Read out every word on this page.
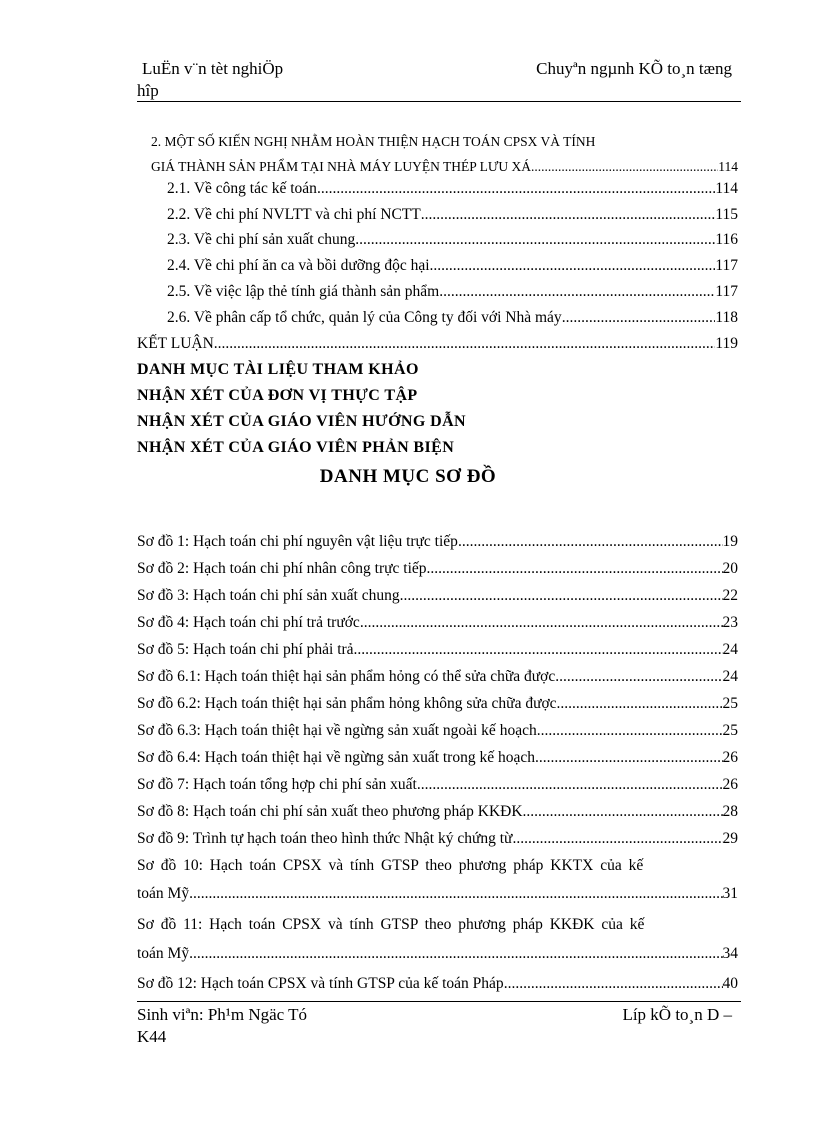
LuËn v¨n tèt nghiÖp
hîp
Chuyªn ngµnh KÕ to¸n tæng
2. MỘT SỐ KIẾN NGHỊ NHẰM HOÀN THIỆN HẠCH TOÁN CPSX VÀ TÍNH
GIÁ THÀNH SẢN PHẨM TẠI NHÀ MÁY LUYỆN THÉP LƯU XÁ .....	114
2.1. Về công tác kế toán .....	114
2.2. Về chi phí NVLTT và chi phí NCTT .....	115
2.3. Về chi phí sản xuất chung .....	116
2.4. Về chi phí ăn ca và bồi dưỡng độc hại .....	117
2.5. Về việc lập thẻ tính giá thành sản phẩm .....	117
2.6. Về phân cấp tổ chức, quản lý của Công ty đối với Nhà máy .....	118
KẾT LUẬN .....	119
DANH MỤC TÀI LIỆU THAM KHẢO
NHẬN XÉT CỦA ĐƠN VỊ THỰC TẬP
NHẬN XÉT CỦA GIÁO VIÊN HƯỚNG DẪN
NHẬN XÉT CỦA GIÁO VIÊN PHẢN BIỆN
DANH MỤC SƠ ĐỒ
Sơ đồ 1: Hạch toán chi phí nguyên vật liệu trực tiếp .....	19
Sơ đồ 2: Hạch toán chi phí nhân công trực tiếp .....	20
Sơ đồ 3: Hạch toán chi phí sản xuất chung .....	22
Sơ đồ 4: Hạch toán chi phí trả trước .....	23
Sơ đồ 5: Hạch toán chi phí phải trả .....	24
Sơ đồ 6.1: Hạch toán thiệt hại sản phẩm hỏng có thể sửa chữa được .....	24
Sơ đồ 6.2: Hạch toán thiệt hại sản phẩm hỏng không sửa chữa được .....	25
Sơ đồ 6.3: Hạch toán thiệt hại về ngừng sản xuất ngoài kế hoạch .....	25
Sơ đồ 6.4: Hạch toán thiệt hại về ngừng sản xuất trong kế hoạch .....	26
Sơ đồ 7: Hạch toán tổng hợp chi phí sản xuất .....	26
Sơ đồ 8: Hạch toán chi phí sản xuất theo phương pháp KKĐK .....	28
Sơ đồ 9: Trình tự hạch toán theo hình thức Nhật ký chứng từ .....	29
Sơ đồ 10: Hạch toán CPSX và tính GTSP theo phương pháp KKTX của kế
toán Mỹ .....	31
Sơ đồ 11: Hạch toán CPSX và tính GTSP theo phương pháp KKĐK của kế
toán Mỹ .....	34
Sơ đồ 12: Hạch toán CPSX và tính GTSP của kế toán Pháp .....	40
Sinh viªn: Ph¹m Ngäc Tó
K44
Líp kÕ to¸n D –
